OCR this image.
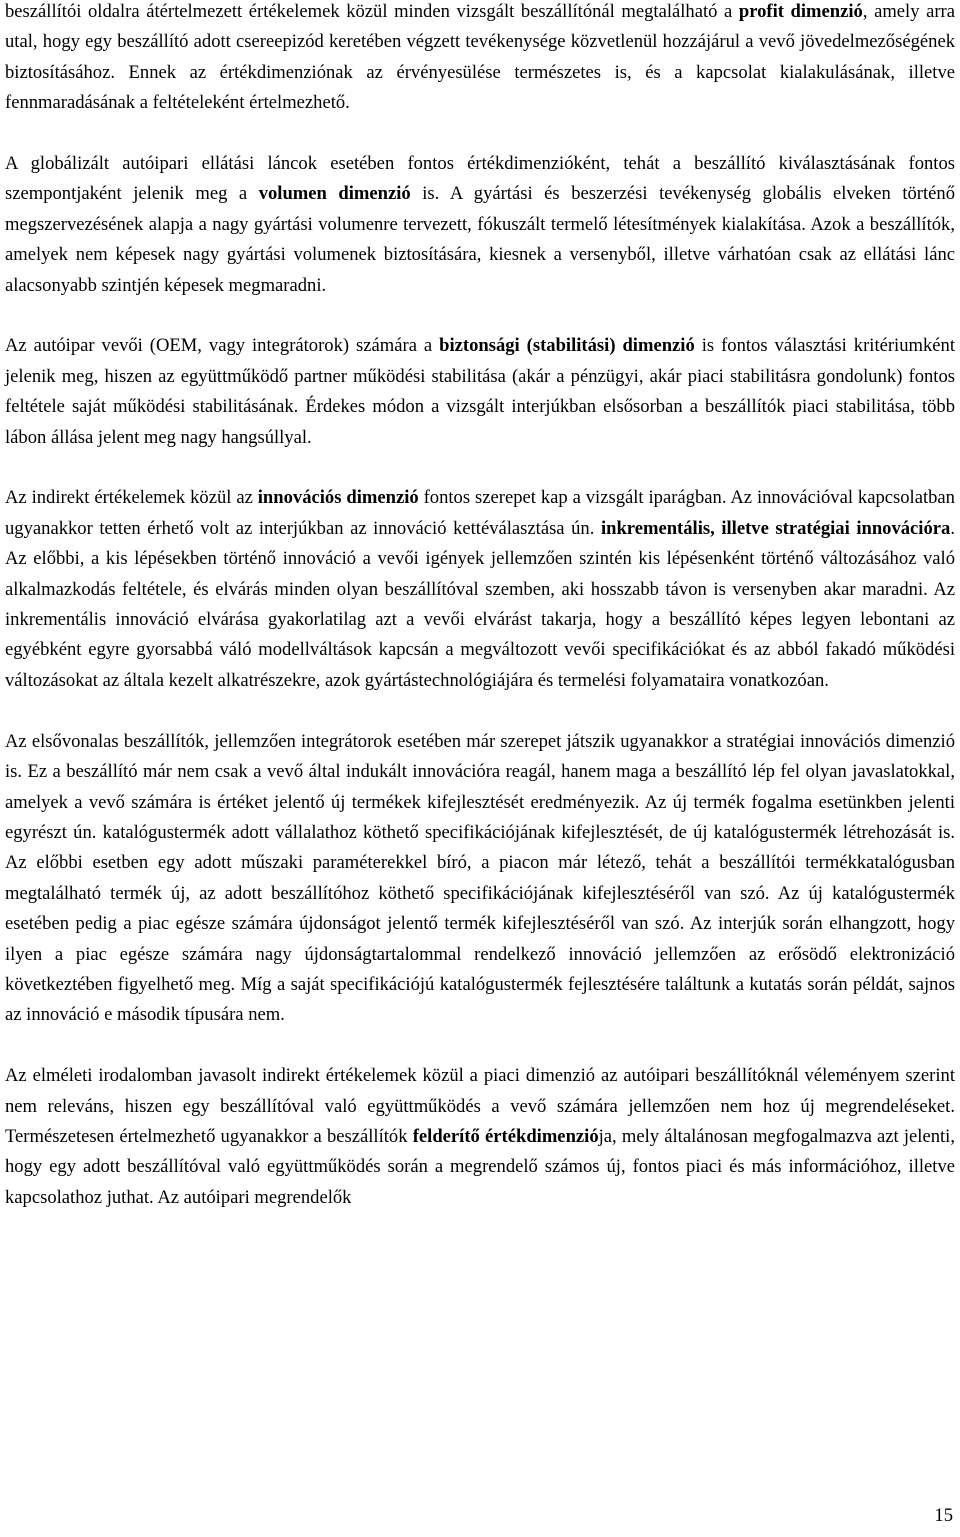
beszállítói oldalra átértelmezett értékelemek közül minden vizsgált beszállítónál megtalálható a profit dimenzió, amely arra utal, hogy egy beszállító adott csereepizód keretében végzett tevékenysége közvetlenül hozzájárul a vevő jövedelmezőségének biztosításához. Ennek az értékdimenziónak az érvényesülése természetes is, és a kapcsolat kialakulásának, illetve fennmaradásának a feltételeként értelmezhető.

A globálizált autóipari ellátási láncok esetében fontos értékdimenzióként, tehát a beszállító kiválasztásának fontos szempontjaként jelenik meg a volumen dimenzió is. A gyártási és beszerzési tevékenység globális elveken történő megszervezésének alapja a nagy gyártási volumenre tervezett, fókuszált termelő létesítmények kialakítása. Azok a beszállítók, amelyek nem képesek nagy gyártási volumenek biztosítására, kiesnek a versenyből, illetve várhatóan csak az ellátási lánc alacsonyabb szintjén képesek megmaradni.

Az autóipar vevői (OEM, vagy integrátorok) számára a biztonsági (stabilitási) dimenzió is fontos választási kritériumként jelenik meg, hiszen az együttműködő partner működési stabilitása (akár a pénzügyi, akár piaci stabilitásra gondolunk) fontos feltétele saját működési stabilitásának. Érdekes módon a vizsgált interjúkban elsősorban a beszállítók piaci stabilitása, több lábon állása jelent meg nagy hangsúllyal.

Az indirekt értékelemek közül az innovációs dimenzió fontos szerepet kap a vizsgált iparágban. Az innovációval kapcsolatban ugyanakkor tetten érhető volt az interjúkban az innováció kettéválasztása ún. inkrementális, illetve stratégiai innovációra. Az előbbi, a kis lépésekben történő innováció a vevői igények jellemzően szintén kis lépésenként történő változásához való alkalmazkodás feltétele, és elvárás minden olyan beszállítóval szemben, aki hosszabb távon is versenyben akar maradni. Az inkrementális innováció elvárása gyakorlatilag azt a vevői elvárást takarja, hogy a beszállító képes legyen lebontani az egyébként egyre gyorsabbá váló modellváltások kapcsán a megváltozott vevői specifikációkat és az abból fakadó működési változásokat az általa kezelt alkatrészekre, azok gyártástechnológiájára és termelési folyamataira vonatkozóan.

Az elsővonalas beszállítók, jellemzően integrátorok esetében már szerepet játszik ugyanakkor a stratégiai innovációs dimenzió is. Ez a beszállító már nem csak a vevő által indukált innovációra reagál, hanem maga a beszállító lép fel olyan javaslatokkal, amelyek a vevő számára is értéket jelentő új termékek kifejlesztését eredményezik. Az új termék fogalma esetünkben jelenti egyrészt ún. katalógustermék adott vállalathoz köthető specifikációjának kifejlesztését, de új katalógustermék létrehozását is. Az előbbi esetben egy adott műszaki paraméterekkel bíró, a piacon már létező, tehát a beszállítói termékkatalógusban megtalálható termék új, az adott beszállítóhoz köthető specifikációjának kifejlesztéséről van szó. Az új katalógustermék esetében pedig a piac egésze számára újdonságot jelentő termék kifejlesztéséről van szó. Az interjúk során elhangzott, hogy ilyen a piac egésze számára nagy újdonságtartalommal rendelkező innováció jellemzően az erősödő elektronizáció következtében figyelhető meg. Míg a saját specifikációjú katalógustermék fejlesztésére találtunk a kutatás során példát, sajnos az innováció e második típusára nem.

Az elméleti irodalomban javasolt indirekt értékelemek közül a piaci dimenzió az autóipari beszállítóknál véleményem szerint nem releváns, hiszen egy beszállítóval való együttműködés a vevő számára jellemzően nem hoz új megrendeléseket. Természetesen értelmezhető ugyanakkor a beszállítók felderítő értékdimenziója, mely általánosan megfogalmazva azt jelenti, hogy egy adott beszállítóval való együttműködés során a megrendelő számos új, fontos piaci és más információhoz, illetve kapcsolathoz juthat. Az autóipari megrendelők

15
